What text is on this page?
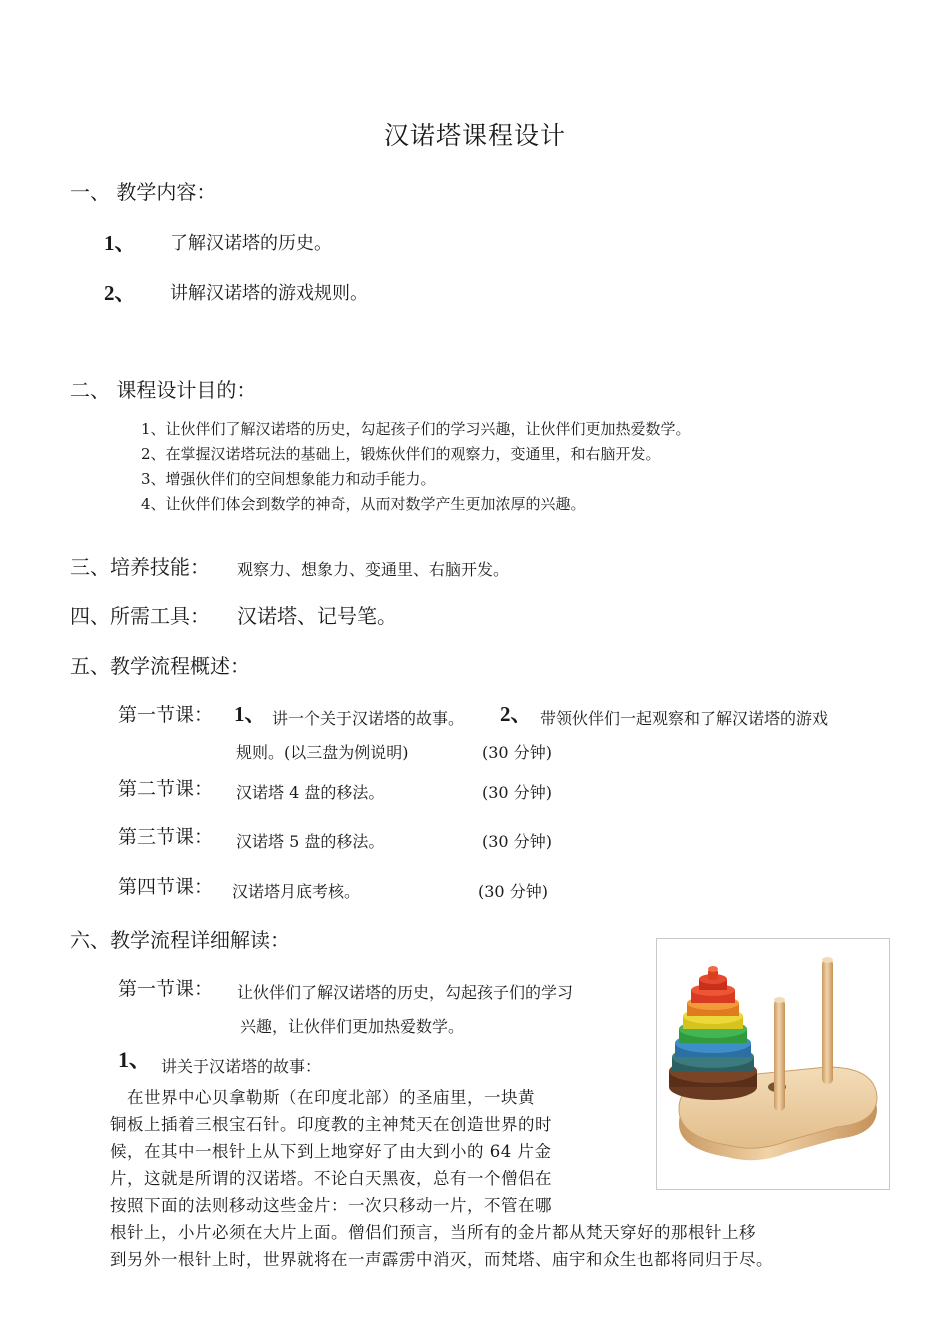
汉诺塔课程设计
一、 教学内容：
1、 了解汉诺塔的历史。
2、 讲解汉诺塔的游戏规则。
二、 课程设计目的：
1、让伙伴们了解汉诺塔的历史，勾起孩子们的学习兴趣，让伙伴们更加热爱数学。
2、在掌握汉诺塔玩法的基础上，锻炼伙伴们的观察力，变通里，和右脑开发。
3、增强伙伴们的空间想象能力和动手能力。
4、让伙伴们体会到数学的神奇，从而对数学产生更加浓厚的兴趣。
三、培养技能： 观察力、想象力、变通里、右脑开发。
四、所需工具： 汉诺塔、记号笔。
五、教学流程概述：
第一节课： 1、 讲一个关于汉诺塔的故事。 2、 带领伙伴们一起观察和了解汉诺塔的游戏
规则。(以三盘为例说明)	(30 分钟)
第二节课： 汉诺塔 4 盘的移法。	(30 分钟)
第三节课： 汉诺塔 5 盘的移法。	(30 分钟)
第四节课： 汉诺塔月底考核。	(30 分钟)
六、教学流程详细解读：
第一节课： 让伙伴们了解汉诺塔的历史，勾起孩子们的学习
兴趣，让伙伴们更加热爱数学。
1、 讲关于汉诺塔的故事：
　在世界中心贝拿勒斯（在印度北部）的圣庙里，一块黄
铜板上插着三根宝石针。印度教的主神梵天在创造世界的时
候，在其中一根针上从下到上地穿好了由大到小的 64 片金
片，这就是所谓的汉诺塔。不论白天黑夜，总有一个僧侣在
按照下面的法则移动这些金片：一次只移动一片，不管在哪
根针上，小片必须在大片上面。僧侣们预言，当所有的金片都从梵天穿好的那根针上移
到另外一根针上时，世界就将在一声霹雳中消灭，而梵塔、庙宇和众生也都将同归于尽。
